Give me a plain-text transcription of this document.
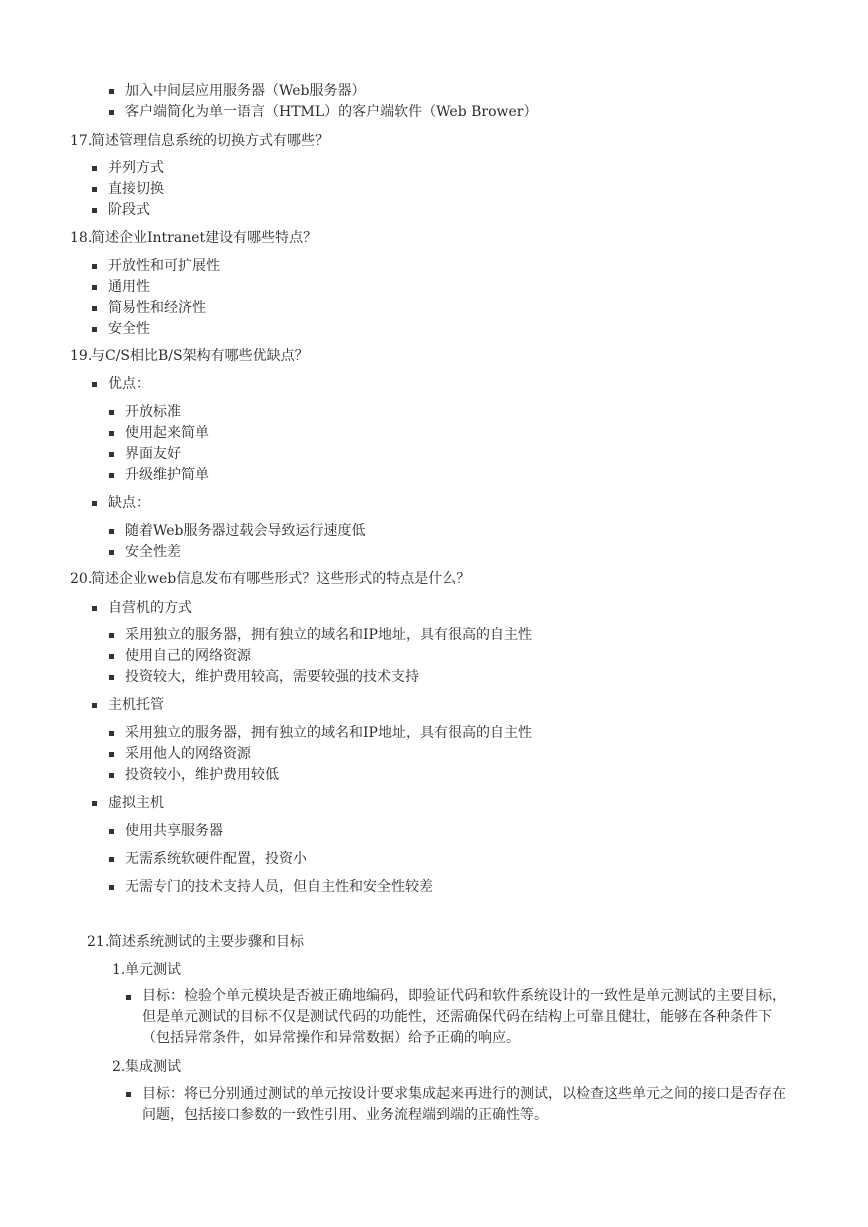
加入中间层应用服务器（Web服务器）
客户端简化为单一语言（HTML）的客户端软件（Web Brower）
17.
简述管理信息系统的切换方式有哪些？
并列方式
直接切换
阶段式
18.
简述企业Intranet建设有哪些特点？
开放性和可扩展性
通用性
简易性和经济性
安全性
19.
与C/S相比B/S架构有哪些优缺点？
优点：
开放标准
使用起来简单
界面友好
升级维护简单
缺点：
随着Web服务器过载会导致运行速度低
安全性差
20.
简述企业web信息发布有哪些形式？这些形式的特点是什么？
自营机的方式
采用独立的服务器，拥有独立的域名和IP地址，具有很高的自主性
使用自己的网络资源
投资较大，维护费用较高，需要较强的技术支持
主机托管
采用独立的服务器，拥有独立的域名和IP地址，具有很高的自主性
采用他人的网络资源
投资较小，维护费用较低
虚拟主机
使用共享服务器
无需系统软硬件配置，投资小
无需专门的技术支持人员，但自主性和安全性较差
21.
简述系统测试的主要步骤和目标
1. 单元测试
目标：检验个单元模块是否被正确地编码，即验证代码和软件系统设计的一致性是单元测试的主要目标，但是单元测试的目标不仅是测试代码的功能性，还需确保代码在结构上可靠且健壮，能够在各种条件下（包括异常条件，如异常操作和异常数据）给予正确的响应。
2. 集成测试
目标：将已分别通过测试的单元按设计要求集成起来再进行的测试，以检查这些单元之间的接口是否存在问题，包括接口参数的一致性引用、业务流程端到端的正确性等。
